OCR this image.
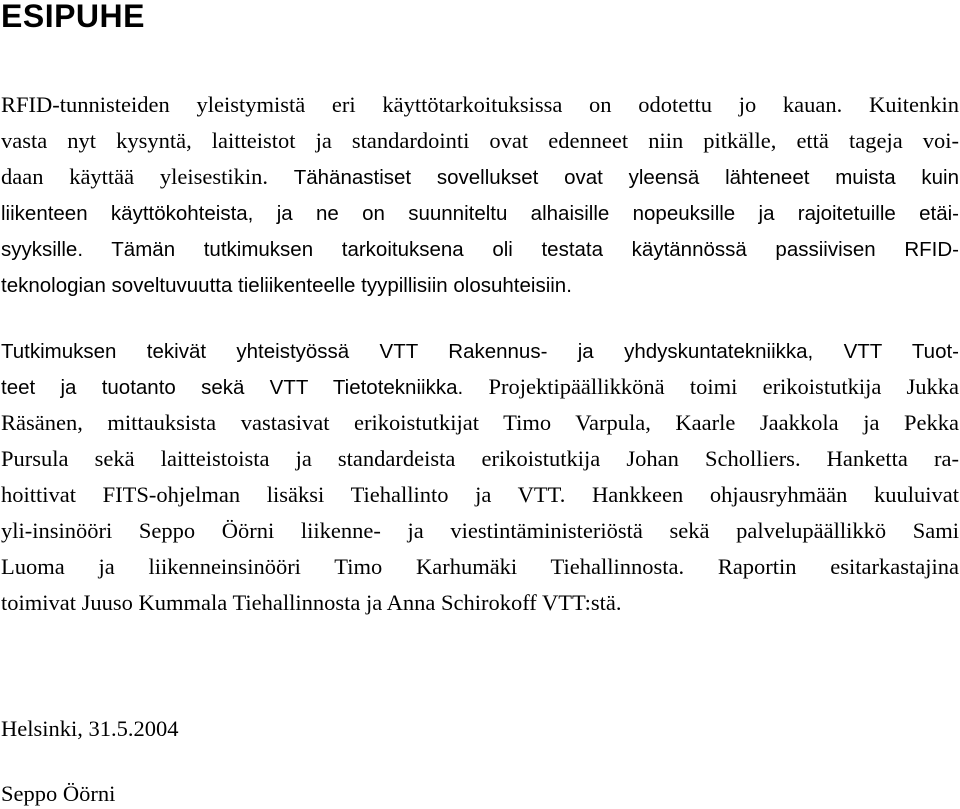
ESIPUHE

RFID-tunnisteiden yleistymistä eri käyttötarkoituksissa on odotettu jo kauan. Kuitenkin

vasta nyt kysyntä, laitteistot ja standardointi ovat edenneet niin pitkälle, että tageja voi-

daan käyttää yleisestikin. Tähänastiset sovellukset ovat yleensä lähteneet muista kuin

liikenteen käyttökohteista, ja ne on suunniteltu alhaisille nopeuksille ja rajoitetuille etäi-

syyksille. Tämän tutkimuksen tarkoituksena oli testata käytännössä passiivisen RFID-

teknologian soveltuvuutta tieliikenteelle tyypillisiin olosuhteisiin.

Tutkimuksen tekivät yhteistyössä VTT Rakennus- ja yhdyskuntatekniikka, VTT Tuot-

teet ja tuotanto sekä VTT Tietotekniikka. Projektipäällikkönä toimi erikoistutkija Jukka

Räsänen, mittauksista vastasivat erikoistutkijat Timo Varpula, Kaarle Jaakkola ja Pekka

Pursula sekä laitteistoista ja standardeista erikoistutkija Johan Scholliers. Hanketta ra-

hoittivat FITS-ohjelman lisäksi Tiehallinto ja VTT. Hankkeen ohjausryhmään kuuluivat

yli-insinööri Seppo Öörni liikenne- ja viestintäministeriöstä sekä palvelupäällikkö Sami

Luoma ja liikenneinsinööri Timo Karhumäki Tiehallinnosta. Raportin esitarkastajina

toimivat Juuso Kummala Tiehallinnosta ja Anna Schirokoff VTT:stä.

Helsinki, 31.5.2004

Seppo Öörni
